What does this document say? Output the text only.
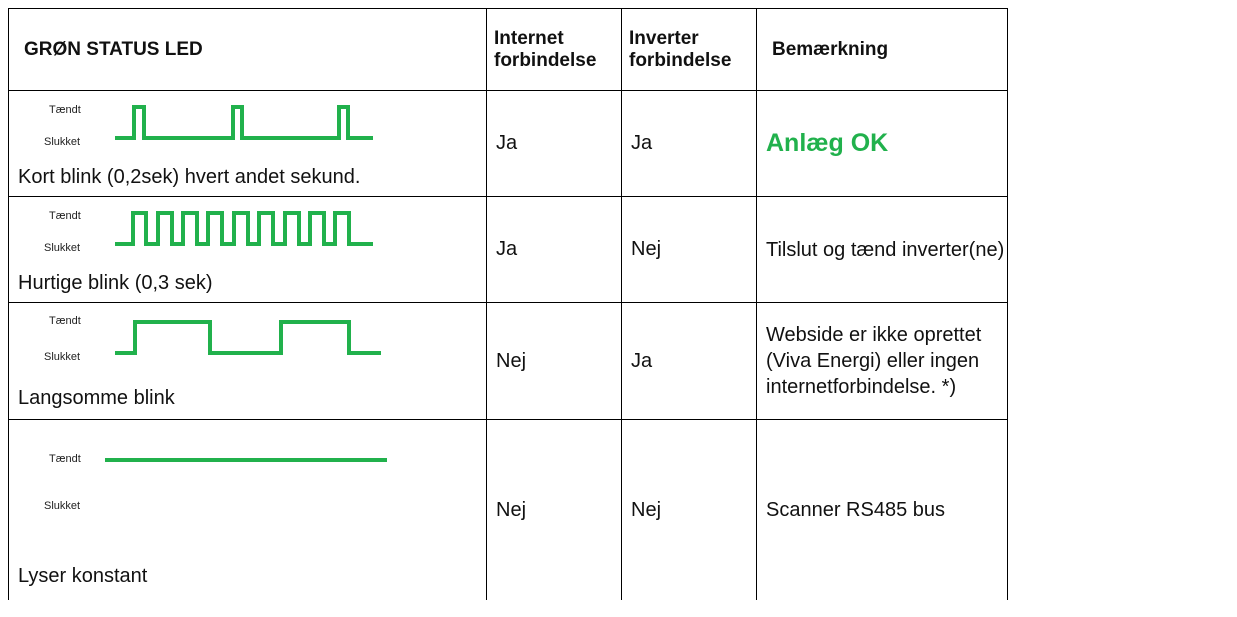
GRØN STATUS LED	Internet forbindelse	Inverter forbindelse	Bemærkning

Tændt
Slukket
Kort blink (0,2sek) hvert andet sekund.	Ja	Ja	Anlæg OK

Tændt
Slukket
Hurtige blink (0,3 sek)	Ja	Nej	Tilslut og tænd inverter(ne)

Tændt
Slukket
Langsomme blink	Nej	Ja	Webside er ikke oprettet (Viva Energi) eller ingen internetforbindelse. *)

Tændt
Slukket
Lyser konstant	Nej	Nej	Scanner RS485 bus
